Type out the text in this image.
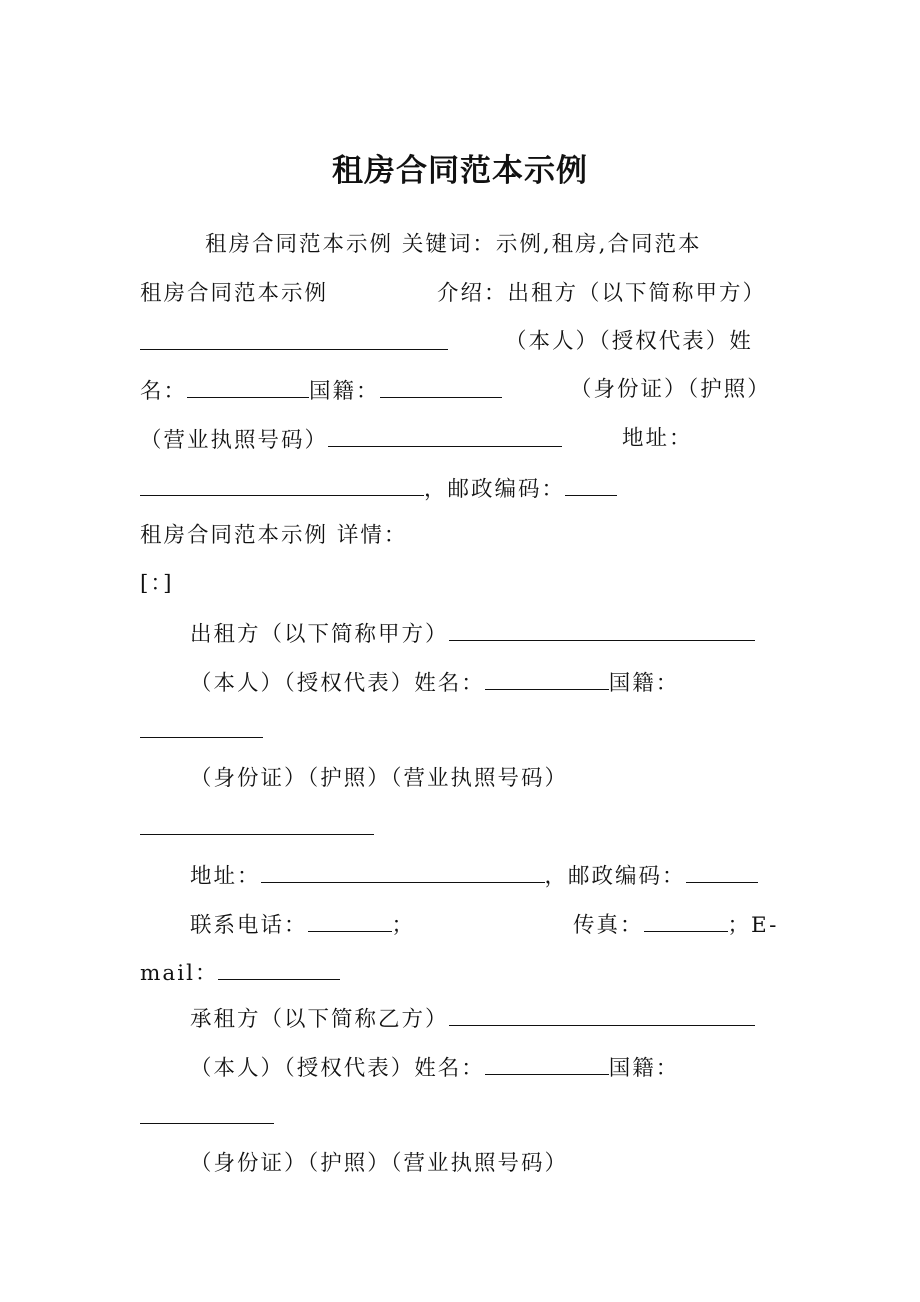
租房合同范本示例
租房合同范本示例 关键词：示例,租房,合同范本
租房合同范本示例	介绍：出租方（以下简称甲方）
（本人）（授权代表）姓
名：	国籍：	（身份证）（护照）
（营业执照号码）	地址：
，邮政编码：
租房合同范本示例 详情：
[：]
出租方（以下简称甲方）
（本人）（授权代表）姓名：	国籍：
（身份证）（护照）（营业执照号码）
地址：	，邮政编码：
联系电话：	；	传真：	；E-
mail：
承租方（以下简称乙方）
（本人）（授权代表）姓名：	国籍：
（身份证）（护照）（营业执照号码）
